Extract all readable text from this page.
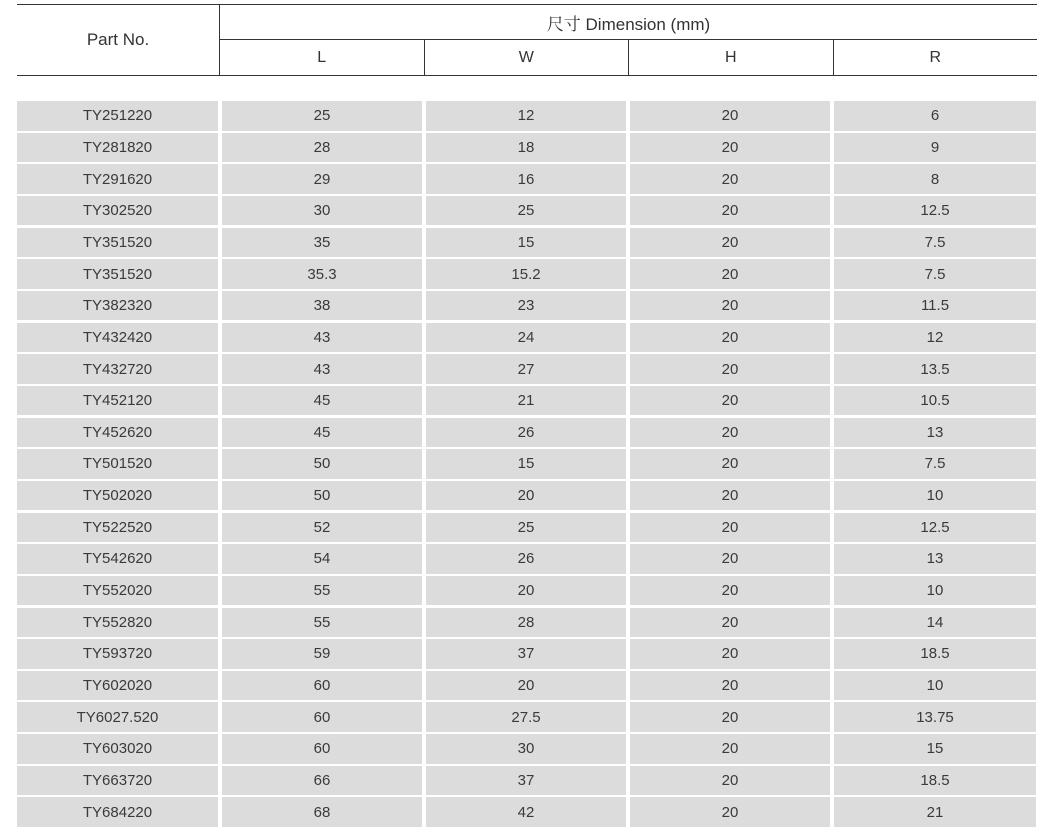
Part No.
尺寸 Dimension (mm)
L	W	H	R
TY251220	25	12	20	6
TY281820	28	18	20	9
TY291620	29	16	20	8
TY302520	30	25	20	12.5
TY351520	35	15	20	7.5
TY351520	35.3	15.2	20	7.5
TY382320	38	23	20	11.5
TY432420	43	24	20	12
TY432720	43	27	20	13.5
TY452120	45	21	20	10.5
TY452620	45	26	20	13
TY501520	50	15	20	7.5
TY502020	50	20	20	10
TY522520	52	25	20	12.5
TY542620	54	26	20	13
TY552020	55	20	20	10
TY552820	55	28	20	14
TY593720	59	37	20	18.5
TY602020	60	20	20	10
TY6027.520	60	27.5	20	13.75
TY603020	60	30	20	15
TY663720	66	37	20	18.5
TY684220	68	42	20	21
